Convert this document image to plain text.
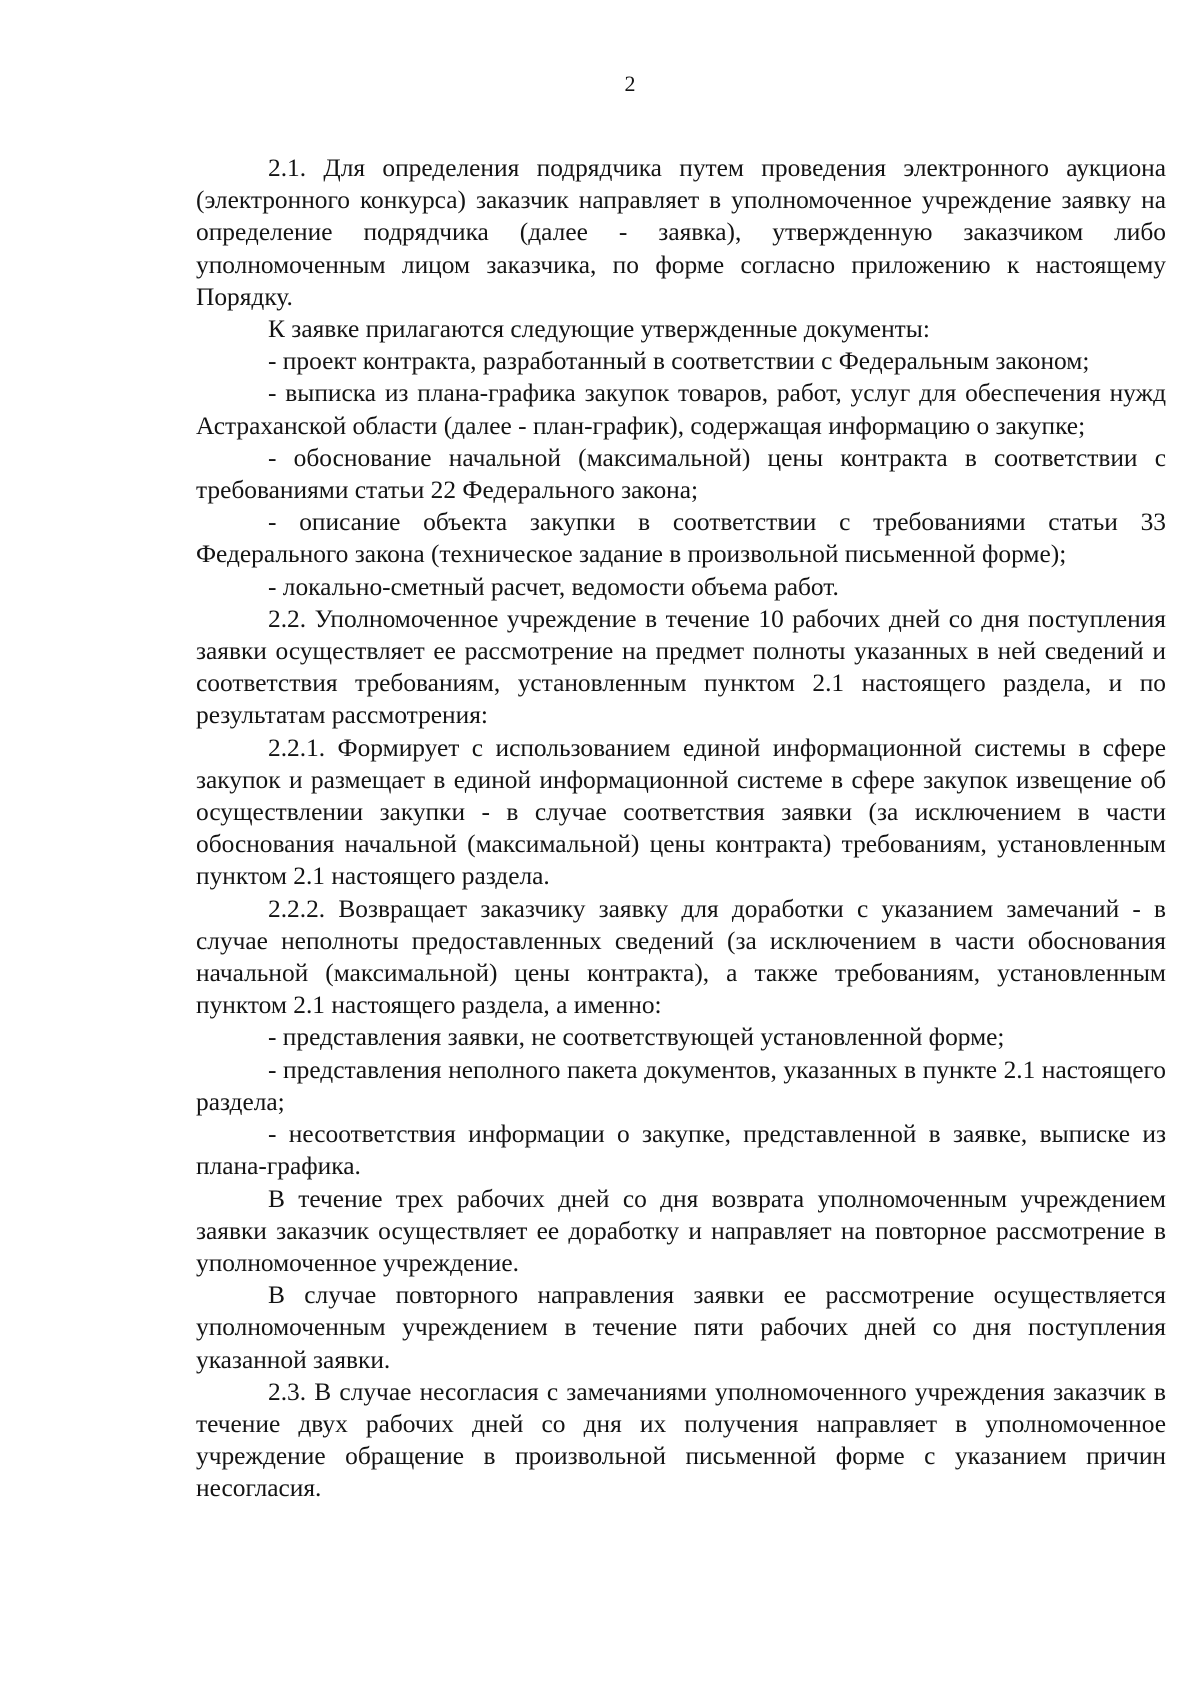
2

2.1. Для определения подрядчика путем проведения электронного аукциона (электронного конкурса) заказчик направляет в уполномоченное учреждение заявку на определение подрядчика (далее - заявка), утвержденную заказчиком либо уполномоченным лицом заказчика, по форме согласно приложению к настоящему Порядку.

К заявке прилагаются следующие утвержденные документы:

- проект контракта, разработанный в соответствии с Федеральным законом;

- выписка из плана-графика закупок товаров, работ, услуг для обеспечения нужд Астраханской области (далее - план-график), содержащая информацию о закупке;

- обоснование начальной (максимальной) цены контракта в соответствии с требованиями статьи 22 Федерального закона;

- описание объекта закупки в соответствии с требованиями статьи 33 Федерального закона (техническое задание в произвольной письменной форме);

- локально-сметный расчет, ведомости объема работ.

2.2. Уполномоченное учреждение в течение 10 рабочих дней со дня поступления заявки осуществляет ее рассмотрение на предмет полноты указанных в ней сведений и соответствия требованиям, установленным пунктом 2.1 настоящего раздела, и по результатам рассмотрения:

2.2.1. Формирует с использованием единой информационной системы в сфере закупок и размещает в единой информационной системе в сфере закупок извещение об осуществлении закупки - в случае соответствия заявки (за исключением в части обоснования начальной (максимальной) цены контракта) требованиям, установленным пунктом 2.1 настоящего раздела.

2.2.2. Возвращает заказчику заявку для доработки с указанием замечаний - в случае неполноты предоставленных сведений (за исключением в части обоснования начальной (максимальной) цены контракта), а также требованиям, установленным пунктом 2.1 настоящего раздела, а именно:

- представления заявки, не соответствующей установленной форме;

- представления неполного пакета документов, указанных в пункте 2.1 настоящего раздела;

- несоответствия информации о закупке, представленной в заявке, выписке из плана-графика.

В течение трех рабочих дней со дня возврата уполномоченным учреждением заявки заказчик осуществляет ее доработку и направляет на повторное рассмотрение в уполномоченное учреждение.

В случае повторного направления заявки ее рассмотрение осуществляется уполномоченным учреждением в течение пяти рабочих дней со дня поступления указанной заявки.

2.3. В случае несогласия с замечаниями уполномоченного учреждения заказчик в течение двух рабочих дней со дня их получения направляет в уполномоченное учреждение обращение в произвольной письменной форме с указанием причин несогласия.
